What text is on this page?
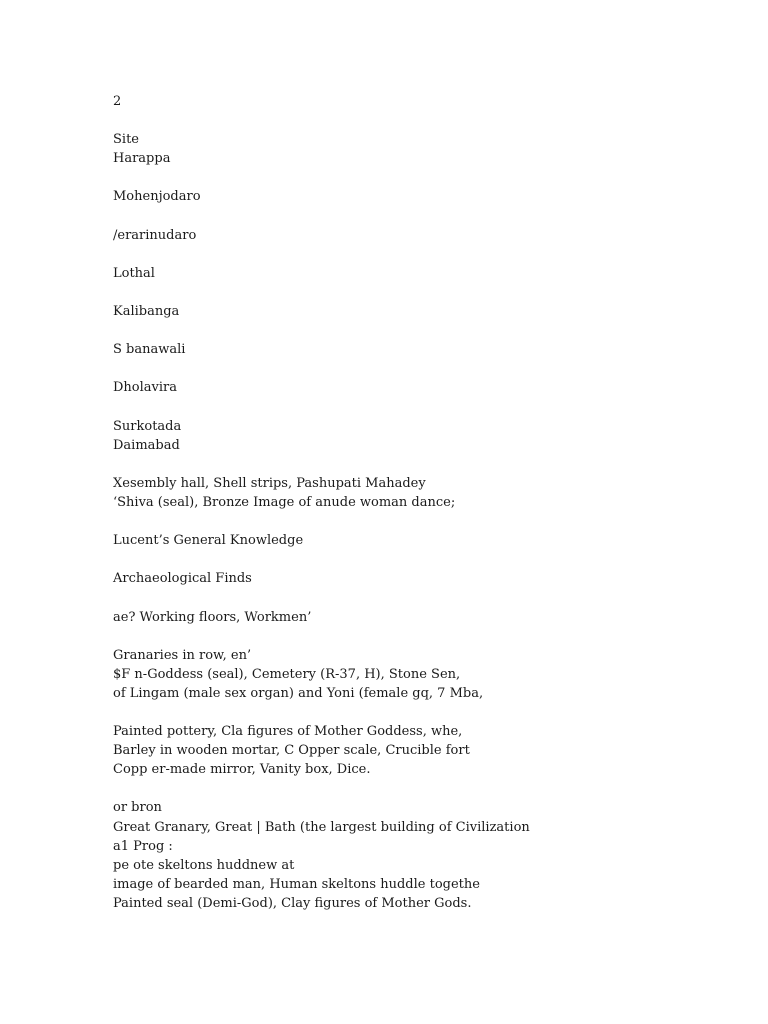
2
Site
Harappa
Mohenjodaro
/erarinudaro
Lothal
Kalibanga
S banawali
Dholavira
Surkotada
Daimabad
Xesembly hall, Shell strips, Pashupati Mahadey
‘Shiva (seal), Bronze Image of anude woman dance;
Lucent’s General Knowledge
Archaeological Finds
ae? Working floors, Workmen’
Granaries in row, en’
$F n-Goddess (seal), Cemetery (R-37, H), Stone Sen,
of Lingam (male sex organ) and Yoni (female gq, 7 Mba,
Painted pottery, Cla figures of Mother Goddess, whe,
Barley in wooden mortar, C Opper scale, Crucible fort
Copp er-made mirror, Vanity box, Dice.
or bron
Great Granary, Great | Bath (the largest building of Civilization
a1 Prog :
pe ote skeltons huddnew at
image of bearded man, Human skeltons huddle togethe
Painted seal (Demi-God), Clay figures of Mother Gods.
